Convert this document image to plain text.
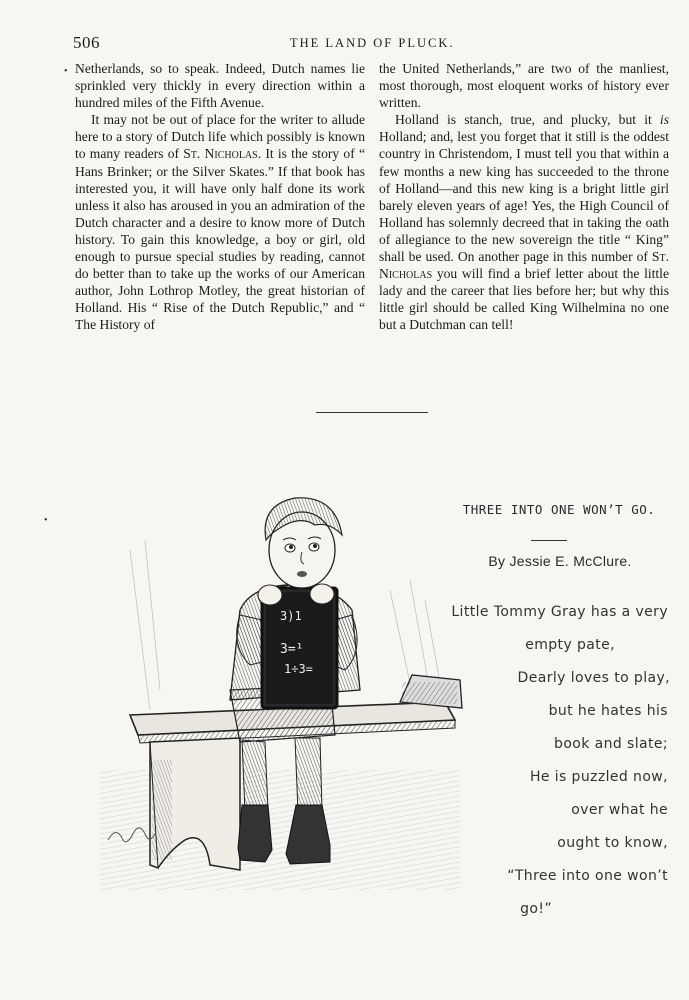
506	THE LAND OF PLUCK.
• Netherlands, so to speak. Indeed, Dutch names lie sprinkled very thickly in every direction within a hundred miles of the Fifth Avenue.

It may not be out of place for the writer to allude here to a story of Dutch life which possibly is known to many readers of St. Nicholas. It is the story of “ Hans Brinker; or the Silver Skates.” If that book has interested you, it will have only half done its work unless it also has aroused in you an admiration of the Dutch character and a desire to know more of Dutch history. To gain this knowledge, a boy or girl, old enough to pursue special studies by reading, cannot do better than to take up the works of our American author, John Lothrop Motley, the great historian of Holland. His “ Rise of the Dutch Republic,” and “ The History of

the United Netherlands,” are two of the manliest, most thorough, most eloquent works of history ever written.

Holland is stanch, true, and plucky, but it is Holland; and, lest you forget that it still is the oddest country in Christendom, I must tell you that within a few months a new king has succeeded to the throne of Holland—and this new king is a bright little girl barely eleven years of age! Yes, the High Council of Holland has solemnly decreed that in taking the oath of allegiance to the new sovereign the title “ King” shall be used. On another page in this number of St. Nicholas you will find a brief letter about the little lady and the career that lies before her; but why this little girl should be called King Wilhelmina no one but a Dutchman can tell!

3)1
3=¹
1÷3=
THREE INTO ONE WON’T GO.
By Jessie E. McClure.
Little Tommy Gray has a very
empty pate,
Dearly loves to play,
but he hates his
book and slate;
He is puzzled now,
over what he
ought to know,
“Three into one won’t
go!”
•
